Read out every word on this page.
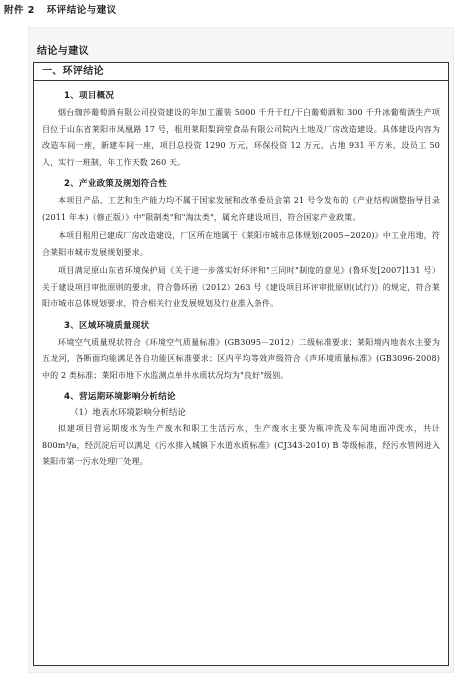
附件 2 环评结论与建议
结论与建议
一、环评结论
1、项目概况

烟台珈莎葡萄酒有限公司投资建设的年加工灌装 5000 千升干红/干白葡萄酒和 300 千升冰葡萄酒生产项目位于山东省莱阳市凤凰路 17 号，租用莱阳梨润堂食品有限公司院内土地及厂房改造建设。具体建设内容为改造车间一座，新建车间一座，项目总投资 1290 万元，环保投资 12 万元，占地 931 平方米，设员工 50 人，实行一班制，年工作天数 260 天。

2、产业政策及规划符合性

本项目产品、工艺和生产能力均不属于国家发展和改革委员会第 21 号令发布的《产业结构调整指导目录(2011 年本)（修正版）》中"限制类"和"淘汰类"，属允许建设项目，符合国家产业政策。

本项目租用已建成厂房改造建设，厂区所在地属于《莱阳市城市总体规划(2005~2020)》中工业用地，符合莱阳市城市发展规划要求。

项目满足原山东省环境保护局《关于进一步落实好环评和"三同时"制度的意见》(鲁环发[2007]131 号）关于建设项目审批原则的要求，符合鲁环函（2012）263 号《建设项目环评审批原则(试行)》的规定，符合莱阳市城市总体规划要求，符合相关行业发展规划及行业准入条件。

3、区域环境质量现状

环境空气质量现状符合《环境空气质量标准》(GB3095－2012）二级标准要求；莱阳境内地表水主要为五龙河，各断面均能满足各自功能区标准要求；区内平均等效声级符合《声环境质量标准》(GB3096-2008) 中的 2 类标准；莱阳市地下水监测点单井水质状况均为"良好"级别。

4、营运期环境影响分析结论
（1）地表水环境影响分析结论

拟建项目营运期废水为生产废水和职工生活污水，生产废水主要为瓶冲洗及车间地面冲洗水，共计 800m³/a，经沉淀后可以满足《污水排入城镇下水道水质标准》(CJ343-2010) B 等级标准，经污水管网进入莱阳市第一污水处理厂处理。
